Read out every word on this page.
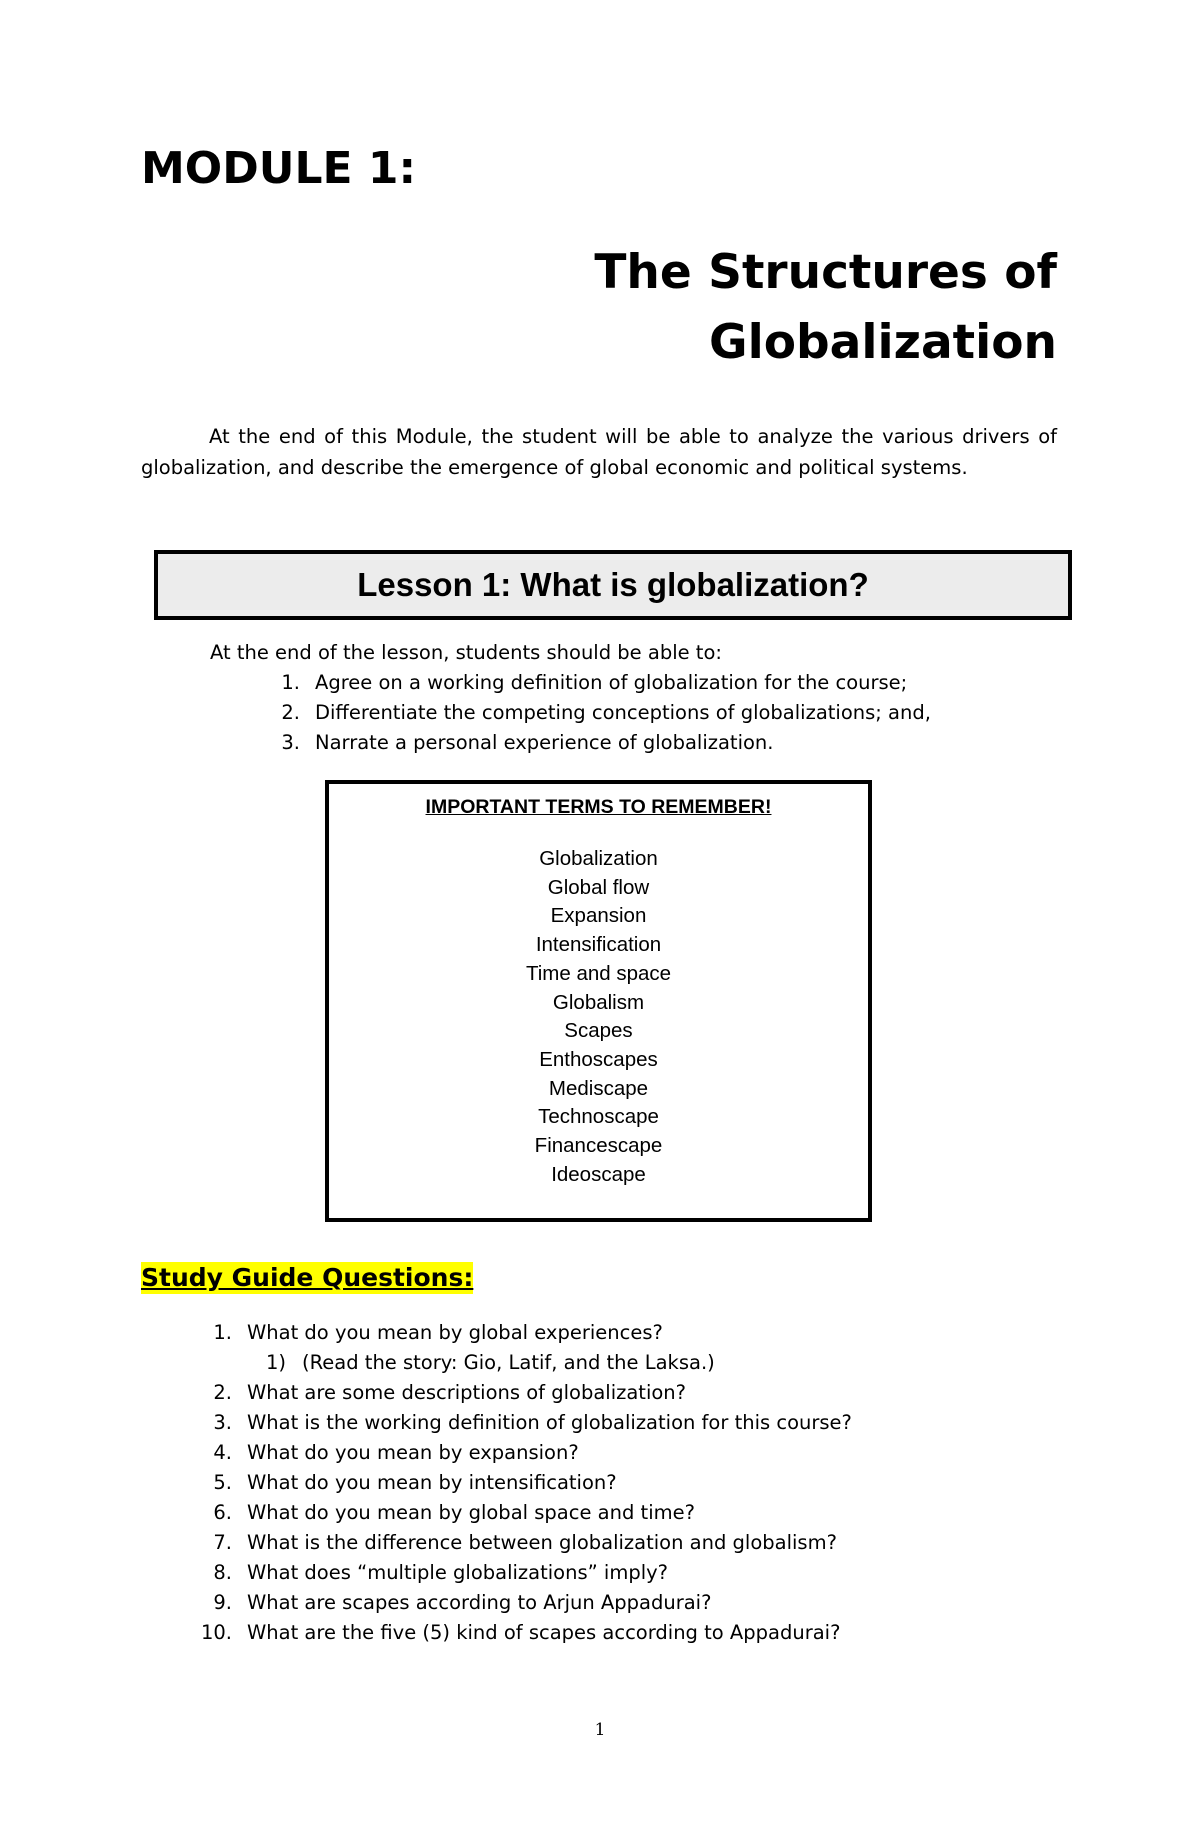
MODULE 1:
The Structures of
Globalization
At the end of this Module, the student will be able to analyze the various drivers of globalization, and describe the emergence of global economic and political systems.
Lesson 1: What is globalization?
At the end of the lesson, students should be able to:
1. Agree on a working definition of globalization for the course;
2. Differentiate the competing conceptions of globalizations; and,
3. Narrate a personal experience of globalization.
IMPORTANT TERMS TO REMEMBER!
Globalization
Global flow
Expansion
Intensification
Time and space
Globalism
Scapes
Enthoscapes
Mediscape
Technoscape
Financescape
Ideoscape
Study Guide Questions:
1. What do you mean by global experiences?
1) (Read the story: Gio, Latif, and the Laksa.)
2. What are some descriptions of globalization?
3. What is the working definition of globalization for this course?
4. What do you mean by expansion?
5. What do you mean by intensification?
6. What do you mean by global space and time?
7. What is the difference between globalization and globalism?
8. What does “multiple globalizations” imply?
9. What are scapes according to Arjun Appadurai?
10. What are the five (5) kind of scapes according to Appadurai?
1
